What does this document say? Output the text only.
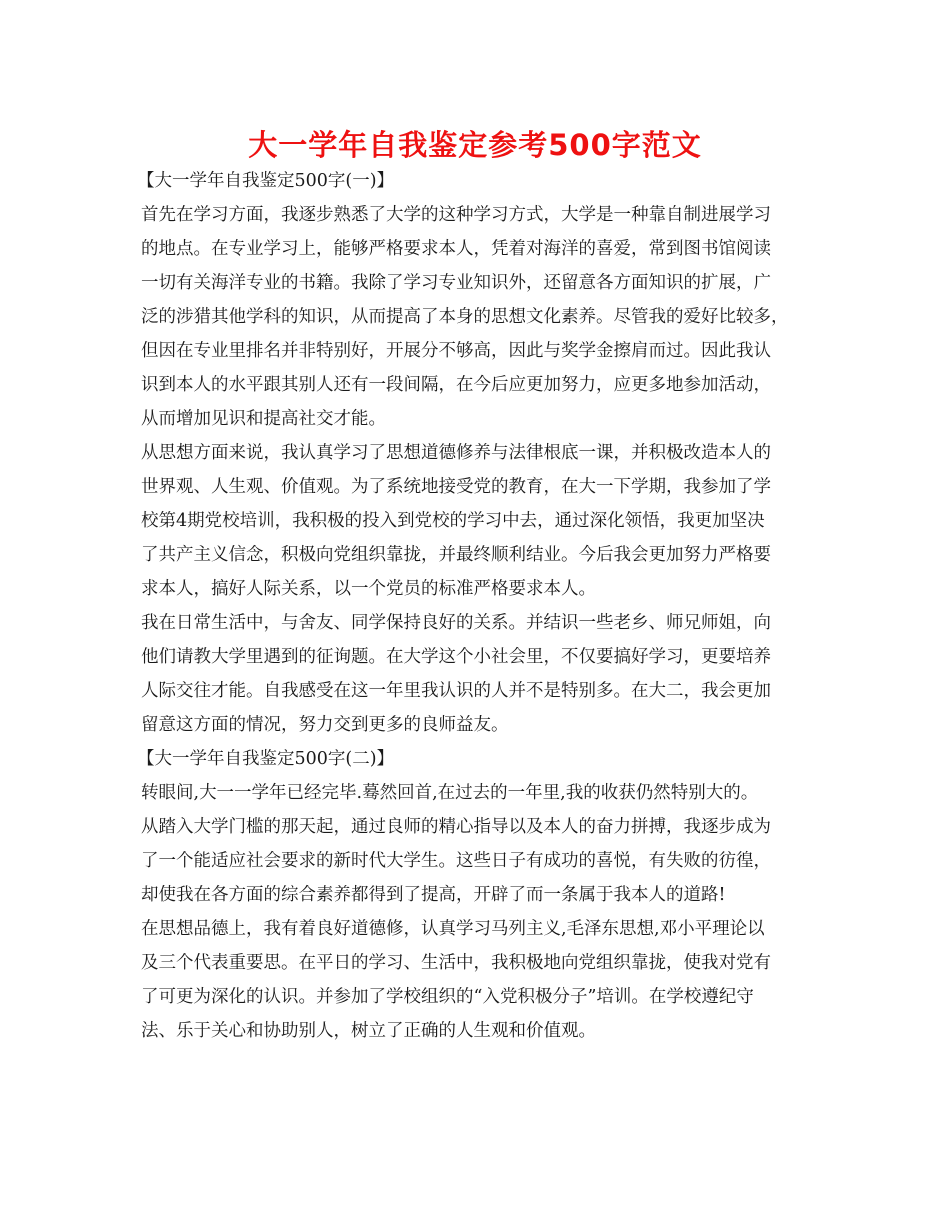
大一学年自我鉴定参考500字范文
【大一学年自我鉴定500字(一)】
首先在学习方面，我逐步熟悉了大学的这种学习方式，大学是一种靠自制进展学习
的地点。在专业学习上，能够严格要求本人，凭着对海洋的喜爱，常到图书馆阅读
一切有关海洋专业的书籍。我除了学习专业知识外，还留意各方面知识的扩展，广
泛的涉猎其他学科的知识，从而提高了本身的思想文化素养。尽管我的爱好比较多，
但因在专业里排名并非特别好，开展分不够高，因此与奖学金擦肩而过。因此我认
识到本人的水平跟其别人还有一段间隔，在今后应更加努力，应更多地参加活动，
从而增加见识和提高社交才能。
从思想方面来说，我认真学习了思想道德修养与法律根底一课，并积极改造本人的
世界观、人生观、价值观。为了系统地接受党的教育，在大一下学期，我参加了学
校第4期党校培训，我积极的投入到党校的学习中去，通过深化领悟，我更加坚决
了共产主义信念，积极向党组织靠拢，并最终顺利结业。今后我会更加努力严格要
求本人，搞好人际关系，以一个党员的标准严格要求本人。
我在日常生活中，与舍友、同学保持良好的关系。并结识一些老乡、师兄师姐，向
他们请教大学里遇到的征询题。在大学这个小社会里，不仅要搞好学习，更要培养
人际交往才能。自我感受在这一年里我认识的人并不是特别多。在大二，我会更加
留意这方面的情况，努力交到更多的良师益友。
【大一学年自我鉴定500字(二)】
转眼间,大一一学年已经完毕.蓦然回首,在过去的一年里,我的收获仍然特别大的。
从踏入大学门槛的那天起，通过良师的精心指导以及本人的奋力拼搏，我逐步成为
了一个能适应社会要求的新时代大学生。这些日子有成功的喜悦，有失败的彷徨，
却使我在各方面的综合素养都得到了提高，开辟了而一条属于我本人的道路!
在思想品德上，我有着良好道德修，认真学习马列主义,毛泽东思想,邓小平理论以
及三个代表重要思。在平日的学习、生活中，我积极地向党组织靠拢，使我对党有
了可更为深化的认识。并参加了学校组织的“入党积极分子”培训。在学校遵纪守
法、乐于关心和协助别人，树立了正确的人生观和价值观。
